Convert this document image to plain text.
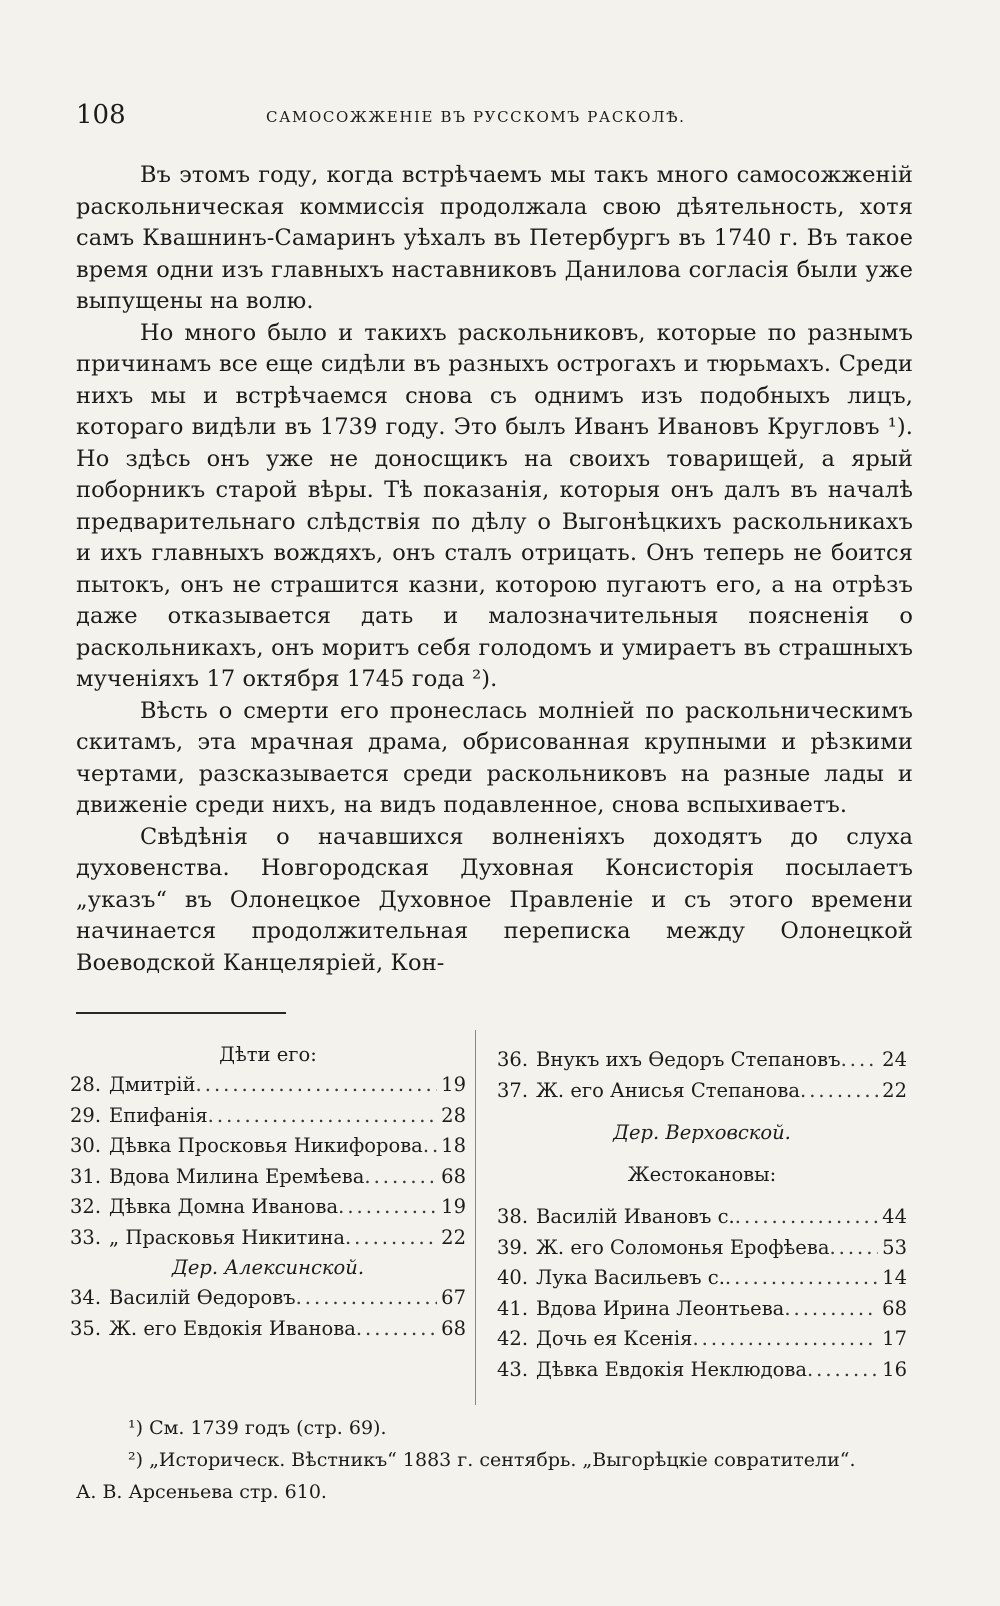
108	САМОСОЖЖЕНІЕ ВЪ РУССКОМЪ РАСКОЛѢ.

Въ этомъ году, когда встрѣчаемъ мы такъ много самосожженій раскольническая коммиссія продолжала свою дѣятельность, хотя самъ Квашнинъ-Самаринъ уѣхалъ въ Петербургъ въ 1740 г. Въ такое время одни изъ главныхъ наставниковъ Данилова согласія были уже выпущены на волю.

Но много было и такихъ раскольниковъ, которые по разнымъ причинамъ все еще сидѣли въ разныхъ острогахъ и тюрьмахъ. Среди нихъ мы и встрѣчаемся снова съ однимъ изъ подобныхъ лицъ, котораго видѣли въ 1739 году. Это былъ Иванъ Ивановъ Кругловъ ¹). Но здѣсь онъ уже не доносщикъ на своихъ товарищей, а ярый поборникъ старой вѣры. Тѣ показанія, которыя онъ далъ въ началѣ предварительнаго слѣдствія по дѣлу о Выгонѣцкихъ раскольникахъ и ихъ главныхъ вождяхъ, онъ сталъ отрицать. Онъ теперь не боится пытокъ, онъ не страшится казни, которою пугаютъ его, а на отрѣзъ даже отказывается дать и малозначительныя поясненія о раскольникахъ, онъ моритъ себя голодомъ и умираетъ въ страшныхъ мученіяхъ 17 октября 1745 года ²).

Вѣсть о смерти его пронеслась молніей по раскольническимъ скитамъ, эта мрачная драма, обрисованная крупными и рѣзкими чертами, разсказывается среди раскольниковъ на разные лады и движеніе среди нихъ, на видъ подавленное, снова вспыхиваетъ.

Свѣдѣнія о начавшихся волненіяхъ доходятъ до слуха духовенства. Новгородская Духовная Консисторія посылаетъ „указъ“ въ Олонецкое Духовное Правленіе и съ этого времени начинается продолжительная переписка между Олонецкой Воеводской Канцеляріей, Кон-

Дѣти его:
28. Дмитрій .....	19
29. Епифанія .....	28
30. Дѣвка Просковья Никифорова ..... 18
31. Вдова Милина Еремѣева .....	68
32. Дѣвка Домна Иванова .....	19
33. „ Прасковья Никитина .....	22
Дер. Алексинской.
34. Василій Ѳедоровъ .....	67
35. Ж. его Евдокія Иванова .....	68
36. Внукъ ихъ Ѳедоръ Степановъ ..... 24
37. Ж. его Анисья Степанова .....	22
Дер. Верховской.
Жестокановы:
38. Василій Ивановъ с. .....	44
39. Ж. его Соломонья Ерофѣева .....	53
40. Лука Васильевъ с. .....	14
41. Вдова Ирина Леонтьева .....	68
42. Дочь ея Ксенія .....	17
43. Дѣвка Евдокія Неклюдова .....	16

¹) См. 1739 годъ (стр. 69).

²) „Историческ. Вѣстникъ“ 1883 г. сентябрь. „Выгорѣцкіе совратители“.

А. В. Арсеньева стр. 610.
